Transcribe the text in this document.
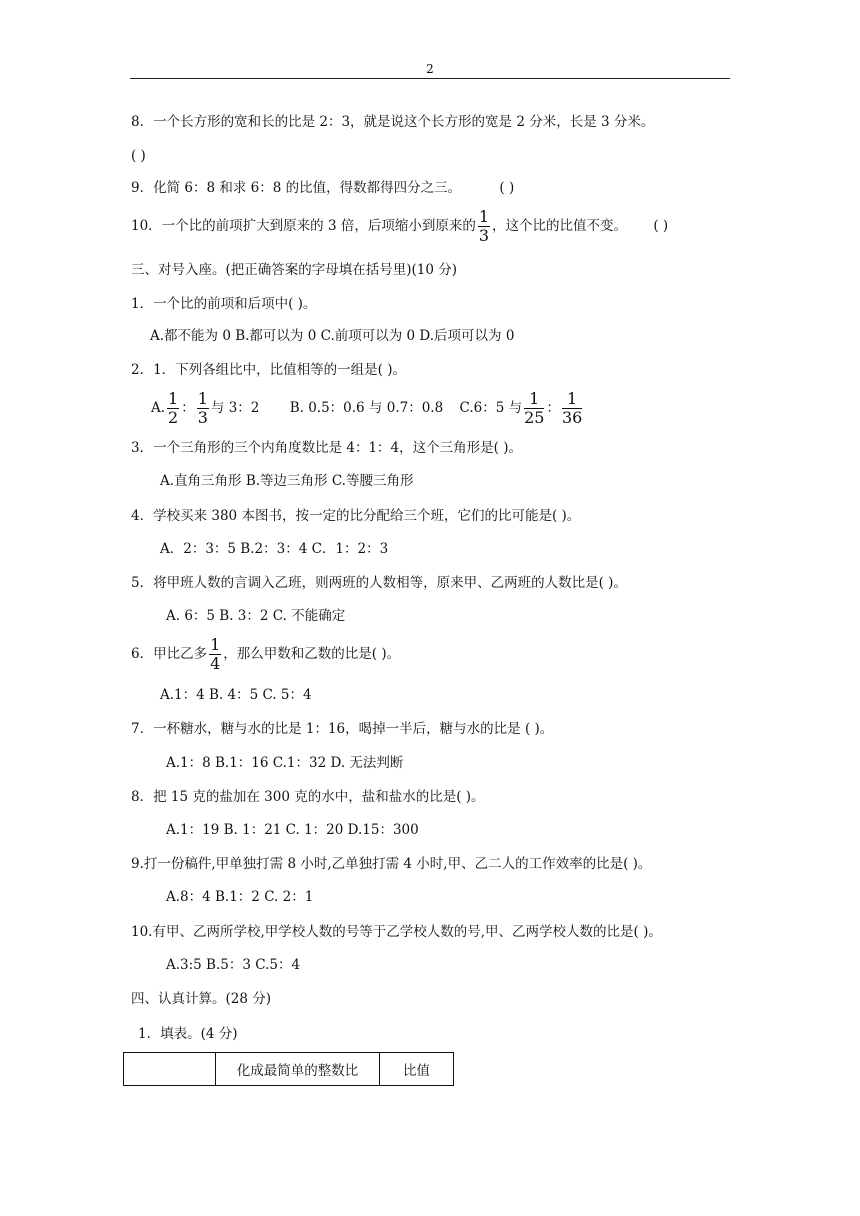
2
8．一个长方形的宽和长的比是 2：3，就是说这个长方形的宽是 2 分米，长是 3 分米。
( )
9．化简 6：8 和求 6：8 的比值，得数都得四分之三。	( )
10．一个比的前项扩大到原来的 3 倍，后项缩小到原来的 $\frac{1}{3}$ ，这个比的比值不变。 ( )
三、对号入座。(把正确答案的字母填在括号里)(10 分)
1．一个比的前项和后项中( )。
A.都不能为 0 B.都可以为 0 C.前项可以为 0 D.后项可以为 0
2．1．下列各组比中，比值相等的一组是( )。
A. $\frac{1}{2}$ ： $\frac{1}{3}$ 与 3：2 B. 0.5：0.6 与 0.7：0.8 C.6：5 与 $\frac{1}{25}$ ： $\frac{1}{36}$
3．一个三角形的三个内角度数比是 4：1：4，这个三角形是( )。
A.直角三角形 B.等边三角形 C.等腰三角形
4．学校买来 380 本图书，按一定的比分配给三个班，它们的比可能是( )。
A．2：3：5 B.2：3：4 C．1：2：3
5．将甲班人数的言调入乙班，则两班的人数相等，原来甲、乙两班的人数比是( )。
A. 6：5 B. 3：2 C. 不能确定
6．甲比乙多 $\frac{1}{4}$ ，那么甲数和乙数的比是( )。
A.1：4 B. 4：5 C. 5：4
7．一杯糖水，糖与水的比是 1：16，喝掉一半后，糖与水的比是 ( )。
A.1：8 B.1：16 C.1：32 D. 无法判断
8．把 15 克的盐加在 300 克的水中，盐和盐水的比是( )。
A.1：19 B. 1：21 C. 1：20 D.15：300
9.打一份稿件,甲单独打需 8 小时,乙单独打需 4 小时,甲、乙二人的工作效率的比是( )。
A.8：4 B.1：2 C. 2：1
10.有甲、乙两所学校,甲学校人数的号等于乙学校人数的号,甲、乙两学校人数的比是( )。
A.3:5 B.5：3 C.5：4
四、认真计算。(28 分)
1．填表。(4 分)
	化成最简单的整数比	比值
